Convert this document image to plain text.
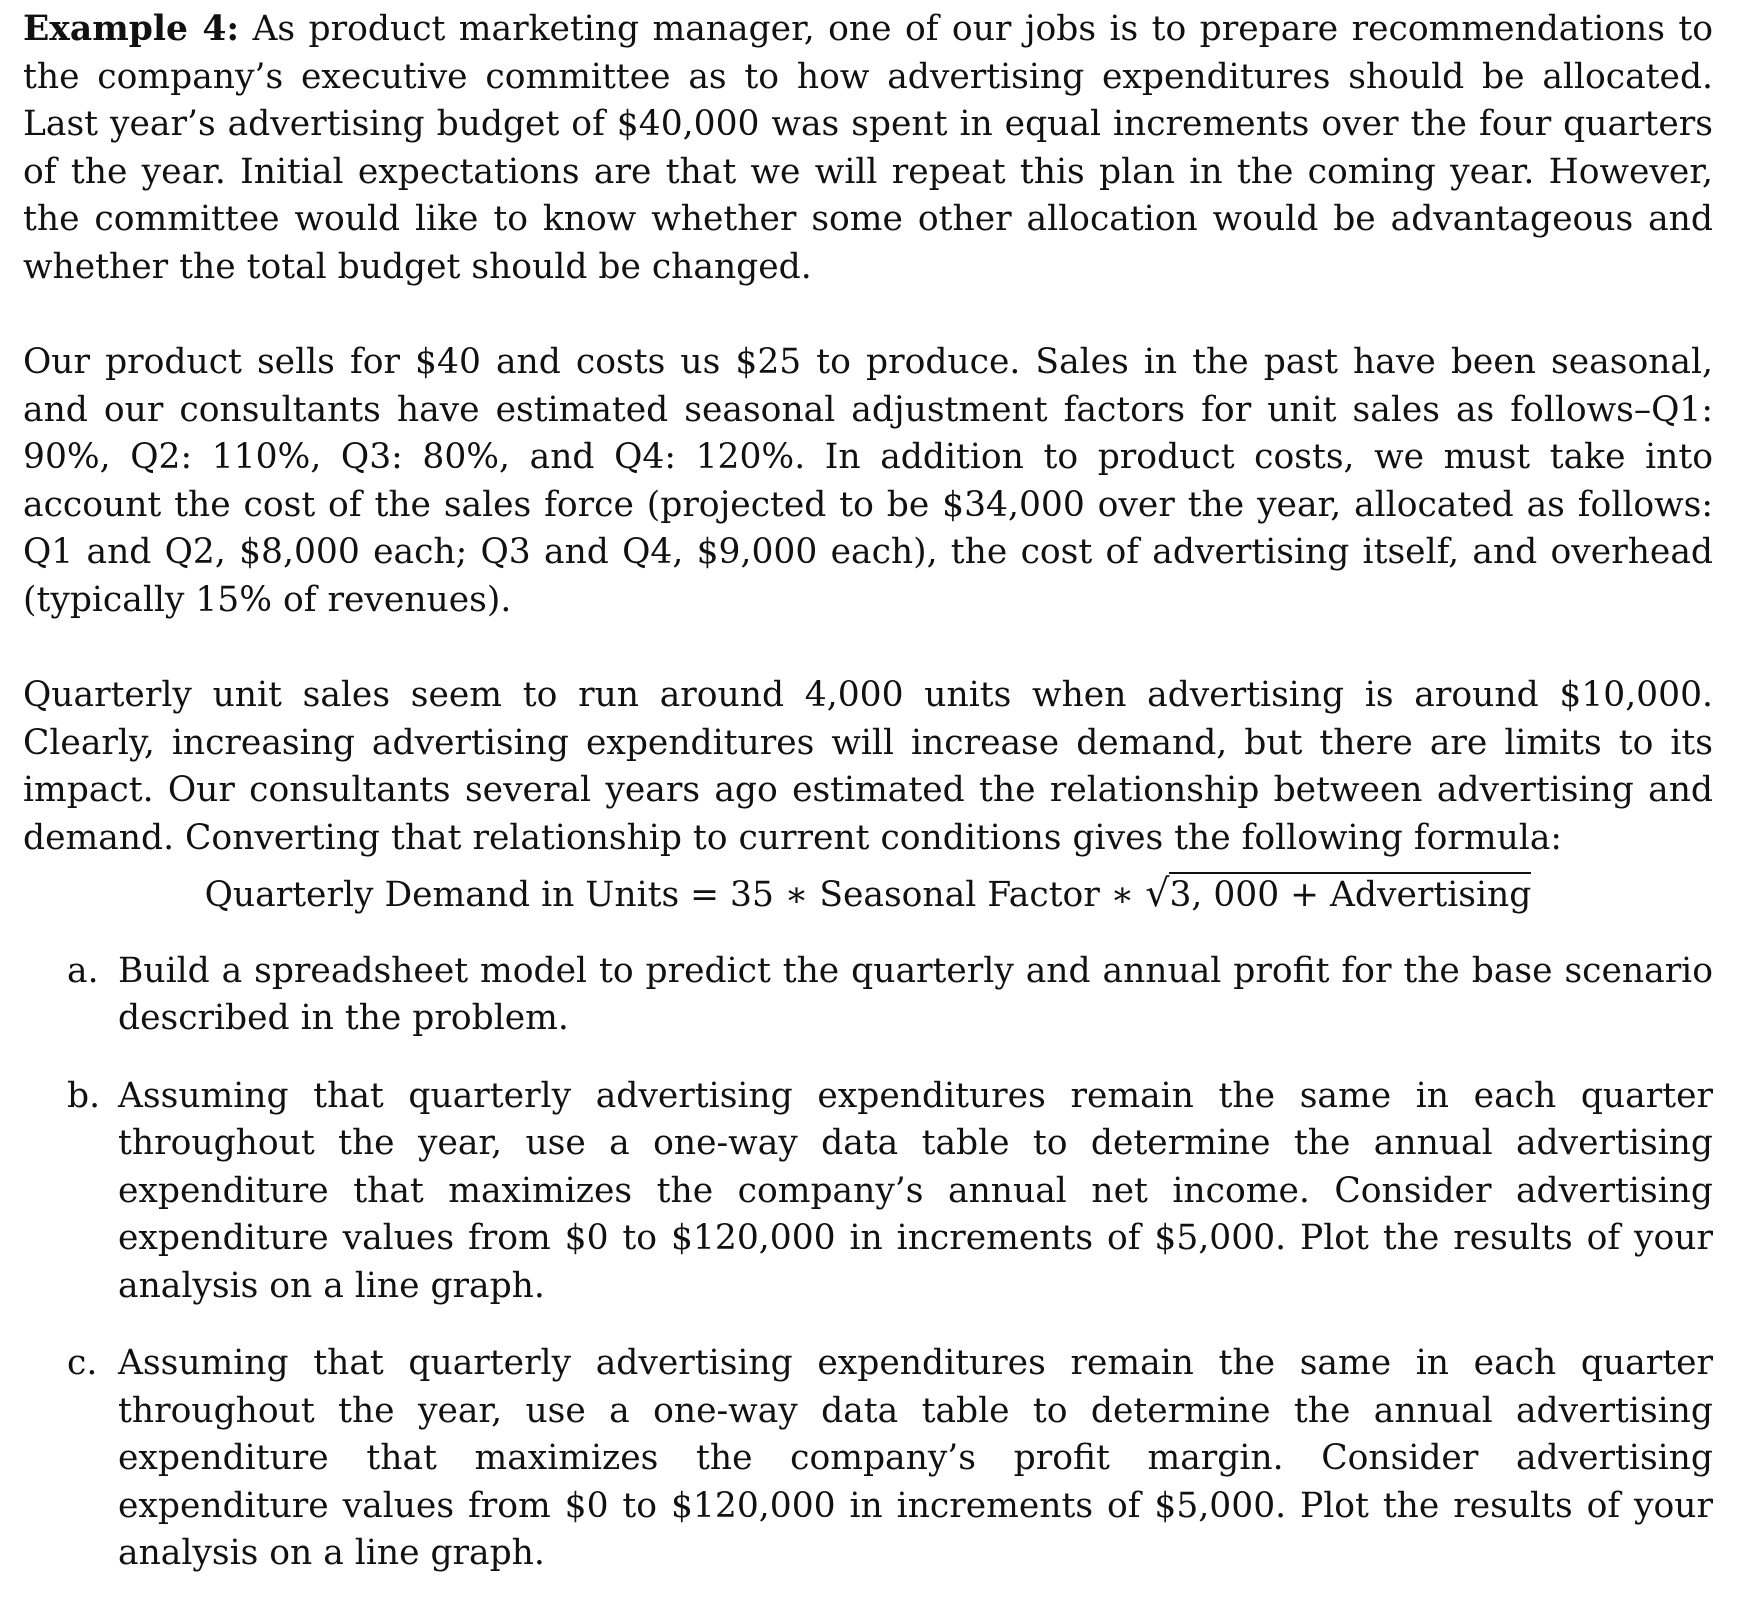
Example 4: As product marketing manager, one of our jobs is to prepare recommendations to the company’s executive committee as to how advertising expenditures should be allocated. Last year’s advertising budget of $40,000 was spent in equal increments over the four quarters of the year. Initial expectations are that we will repeat this plan in the coming year. However, the committee would like to know whether some other allocation would be advantageous and whether the total budget should be changed.

Our product sells for $40 and costs us $25 to produce. Sales in the past have been seasonal, and our consultants have estimated seasonal adjustment factors for unit sales as follows–Q1: 90%, Q2: 110%, Q3: 80%, and Q4: 120%. In addition to product costs, we must take into account the cost of the sales force (projected to be $34,000 over the year, allocated as follows: Q1 and Q2, $8,000 each; Q3 and Q4, $9,000 each), the cost of advertising itself, and overhead (typically 15% of revenues).

Quarterly unit sales seem to run around 4,000 units when advertising is around $10,000. Clearly, increasing advertising expenditures will increase demand, but there are limits to its impact. Our consultants several years ago estimated the relationship between advertising and demand. Converting that relationship to current conditions gives the following formula:

Quarterly Demand in Units = 35 ∗ Seasonal Factor ∗ √3, 000 + Advertising
a. Build a spreadsheet model to predict the quarterly and annual profit for the base scenario described in the problem.

b. Assuming that quarterly advertising expenditures remain the same in each quarter throughout the year, use a one-way data table to determine the annual advertising expenditure that maximizes the company’s annual net income. Consider advertising expenditure values from $0 to $120,000 in increments of $5,000. Plot the results of your analysis on a line graph.

c. Assuming that quarterly advertising expenditures remain the same in each quarter throughout the year, use a one-way data table to determine the annual advertising expenditure that maximizes the company’s profit margin. Consider advertising expenditure values from $0 to $120,000 in increments of $5,000. Plot the results of your analysis on a line graph.
